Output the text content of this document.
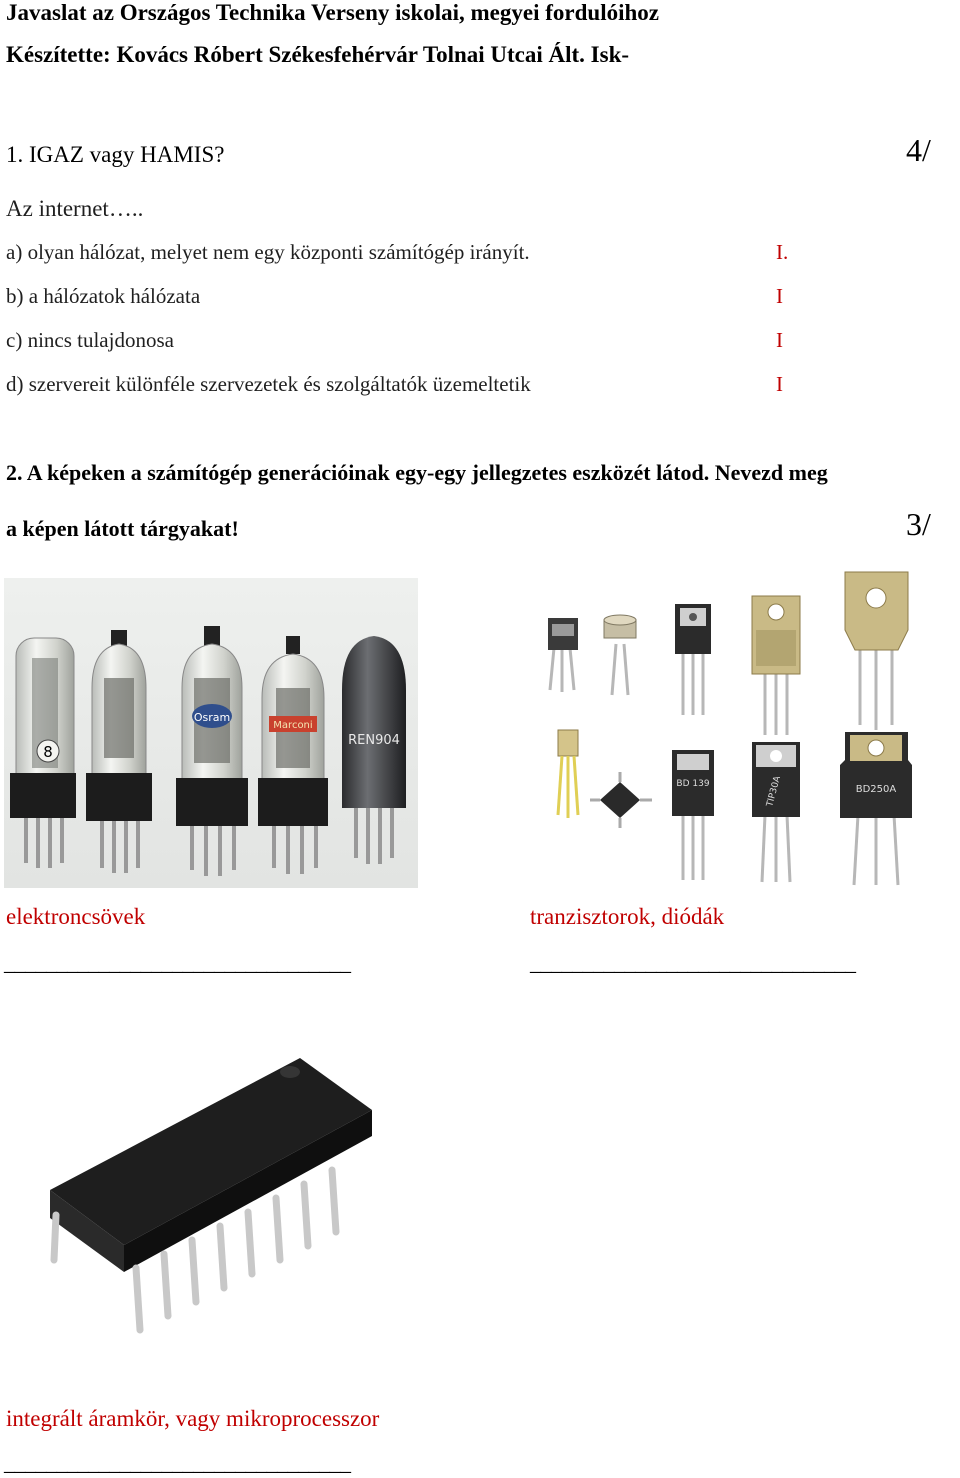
Javaslat az Országos Technika Verseny iskolai, megyei fordulóihoz
Készítette: Kovács Róbert Székesfehérvár Tolnai Utcai Ált. Isk-
1. IGAZ vagy HAMIS?	4/
Az internet…..
a) olyan hálózat, melyet nem egy központi számítógép irányít.	I.
b) a hálózatok hálózata	I
c) nincs tulajdonosa	I
d) szervereit különféle szervezetek és szolgáltatók üzemeltetik	I
2. A képeken a számítógép generációinak egy-egy jellegzetes eszközét látod. Nevezd meg
a képen látott tárgyakat!	3/
8
Osram
Marconi
REN904
BD 139	TIP30A	BD250A
elektroncsövek	tranzisztorok, diódák
_________________________________	_______________________________
integrált áramkör, vagy mikroprocesszor
_________________________________
